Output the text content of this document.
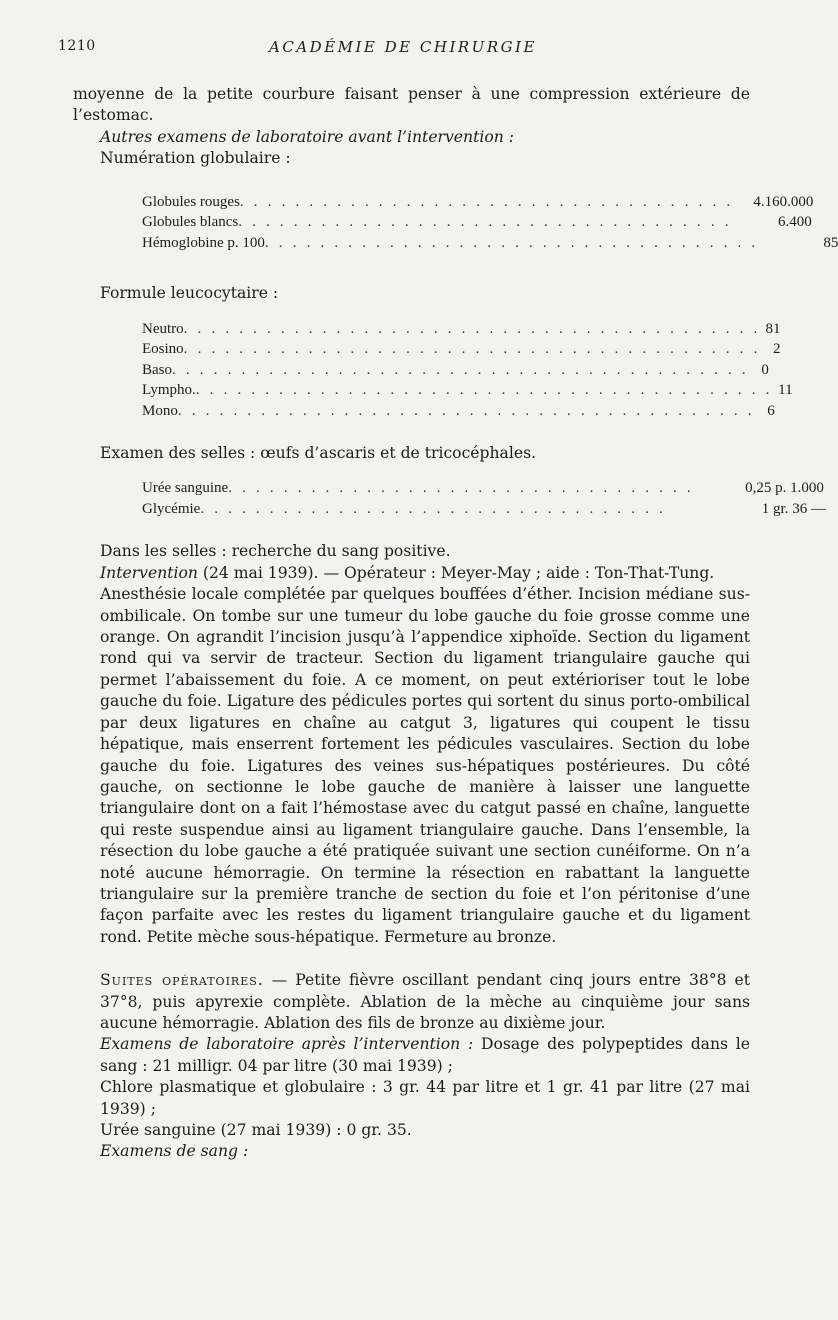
1210	ACADÉMIE DE CHIRURGIE

moyenne de la petite courbure faisant penser à une compression extérieure de l’estomac.

Autres examens de laboratoire avant l’intervention :

Numération globulaire :

Globules rouges . . . . . . . . . . . . . . . . . . . . . . . . . . . . . . . . . . . .	4.160.000
Globules blancs . . . . . . . . . . . . . . . . . . . . . . . . . . . . . . . . . . . .	6.400
Hémoglobine p. 100 . . . . . . . . . . . . . . . . . . . . . . . . . . . . . . . . . . . .	85

Formule leucocytaire :

Neutro . . . . . . . . . . . . . . . . . . . . . . . . . . . . . . . . . . . . . . . . . . 81
Eosino . . . . . . . . . . . . . . . . . . . . . . . . . . . . . . . . . . . . . . . . . . 2
Baso . . . . . . . . . . . . . . . . . . . . . . . . . . . . . . . . . . . . . . . . . . 0
Lympho. . . . . . . . . . . . . . . . . . . . . . . . . . . . . . . . . . . . . . . . . . . 11
Mono . . . . . . . . . . . . . . . . . . . . . . . . . . . . . . . . . . . . . . . . . . 6

Examen des selles : œufs d’ascaris et de tricocéphales.

Urée sanguine . . . . . . . . . . . . . . . . . . . . . . . . . . . . . . . . . .	0,25 p. 1.000
Glycémie . . . . . . . . . . . . . . . . . . . . . . . . . . . . . . . . . .	1 gr. 36 —

Dans les selles : recherche du sang positive.

Intervention (24 mai 1939). — Opérateur : Meyer-May ; aide : Ton-That-Tung.

Anesthésie locale complétée par quelques bouffées d’éther. Incision médiane sus-ombilicale. On tombe sur une tumeur du lobe gauche du foie grosse comme une orange. On agrandit l’incision jusqu’à l’appendice xiphoïde. Section du ligament rond qui va servir de tracteur. Section du ligament triangulaire gauche qui permet l’abaissement du foie. A ce moment, on peut extérioriser tout le lobe gauche du foie. Ligature des pédicules portes qui sortent du sinus porto-ombilical par deux ligatures en chaîne au catgut 3, ligatures qui coupent le tissu hépatique, mais enserrent fortement les pédicules vasculaires. Section du lobe gauche du foie. Ligatures des veines sus-hépatiques postérieures. Du côté gauche, on sectionne le lobe gauche de manière à laisser une languette triangulaire dont on a fait l’hémostase avec du catgut passé en chaîne, languette qui reste suspendue ainsi au ligament triangulaire gauche. Dans l’ensemble, la résection du lobe gauche a été pratiquée suivant une section cunéiforme. On n’a noté aucune hémorragie. On termine la résection en rabattant la languette triangulaire sur la première tranche de section du foie et l’on péritonise d’une façon parfaite avec les restes du ligament triangulaire gauche et du ligament rond. Petite mèche sous-hépatique. Fermeture au bronze.

Suites opératoires. — Petite fièvre oscillant pendant cinq jours entre 38°8 et 37°8, puis apyrexie complète. Ablation de la mèche au cinquième jour sans aucune hémorragie. Ablation des fils de bronze au dixième jour.

Examens de laboratoire après l’intervention : Dosage des polypeptides dans le sang : 21 milligr. 04 par litre (30 mai 1939) ;

Chlore plasmatique et globulaire : 3 gr. 44 par litre et 1 gr. 41 par litre (27 mai 1939) ;

Urée sanguine (27 mai 1939) : 0 gr. 35.

Examens de sang :
